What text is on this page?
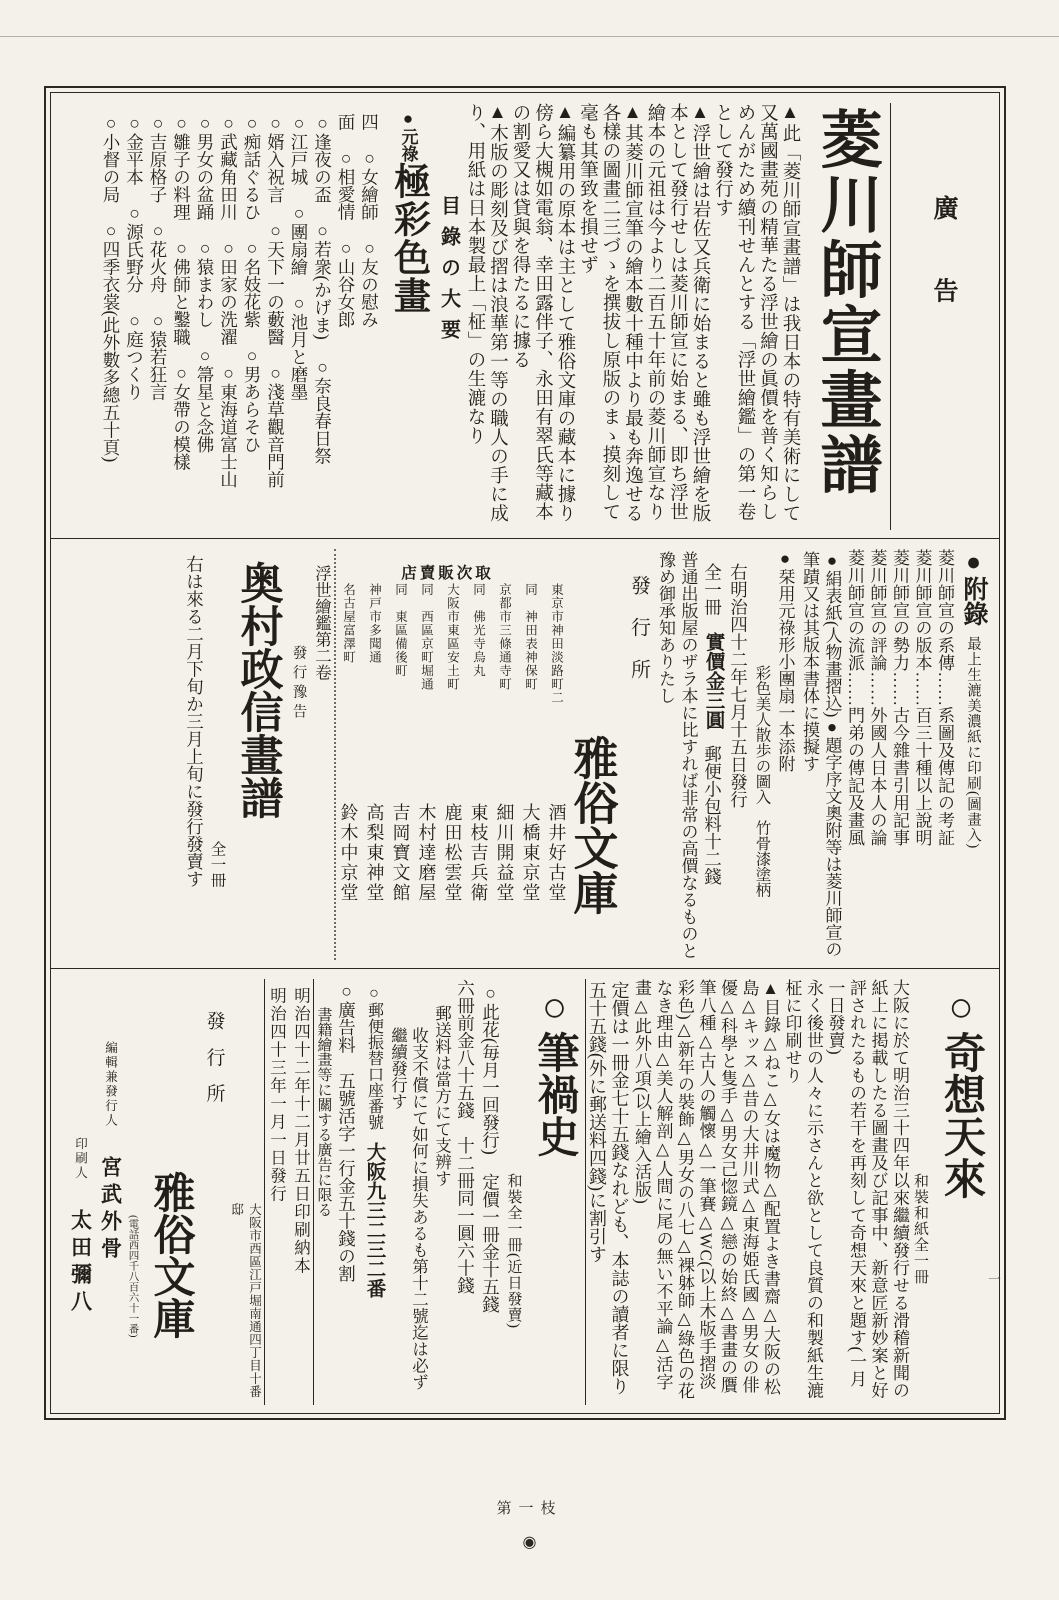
廣告
菱川師宣畫譜

▲此「菱川師宣畫譜」は我日本の特有美術にして又萬國畫苑の精華たる浮世繪の眞價を普く知らしめんがため續刊せんとする「浮世繪鑑」の第一卷として發行す

▲浮世繪は岩佐又兵衛に始まると雖も浮世繪を版本として發行せしは菱川師宣に始まる、即ち浮世繪本の元祖は今より二百五十年前の菱川師宣なり

▲其菱川師宣筆の繪本數十種中より最も奔逸せる各樣の圖畫二三づゝを撰拔し原版のまゝ摸刻して毫も其筆致を損せず

▲編纂用の原本は主として雅俗文庫の藏本に據り傍ら大槻如電翁、幸田露伴子、永田有翠氏等藏本の割愛又は貸與を得たるに據る

▲木版の彫刻及び摺は浪華第一等の職人の手に成り、用紙は日本製最上「柾」の生漉なり

目錄の大要
●元祿極彩色畫

四　○女繪師　○友の慰み

面　○相愛情　○山谷女郎

○逢夜の盃　○若衆(かげま)　○奈良春日祭

○江戸城　○團扇繪　○池月と磨墨

○婿入祝言　○天下一の藪醫　○淺草觀音門前

○痴話ぐるひ　○名妓花紫　○男あらそひ

○武藏角田川　○田家の洗濯　○東海道富士山

○男女の盆踊　○猿まわし　○箒星と念佛

○雛子の料理　○佛師と鑿職　○女帶の模樣

○吉原格子　○花火舟　○猿若狂言

○金平本　○源氏野分　○庭つくり

○小督の局　○四季衣裳(此外數多總五十頁)

●附錄最上生漉美濃紙に印刷(圖畫入)

菱川師宣の系傳……系圖及傳記の考証

菱川師宣の版本……百三十種以上說明

菱川師宣の勢力……古今雜書引用記事

菱川師宣の評論……外國人日本人の論

菱川師宣の流派……門弟の傳記及畫風

●絹表紙(人物畫摺込)●題字序文奧附等は菱川師宣の筆蹟又は其版本書体に摸擬す

●栞用元祿形小團扇一本添附
彩色美人散歩の圖入　竹骨漆塗柄

右明治四十二年七月十五日發行

全一冊實價金三圓郵便小包料十二錢

普通出版屋のザラ本に比すれば非常の高價なるものと豫め御承知ありたし

發行所

雅俗文庫
取次販賣店
東京市神田淡路町二酒井好古堂
同　神田表神保町大橋東京堂
京都市三條通寺町細川開益堂
同　佛光寺烏丸東枝吉兵衛
大阪市東區安土町鹿田松雲堂
同　西區京町堀通木村達磨屋
同　東區備後町吉岡寶文館
神戸市多聞通高梨東神堂
名古屋富澤町鈴木中京堂

浮世繪鑑第二卷
發行豫告

奥村政信畫譜

全一冊

右は來る二月下旬か三月上旬に發行發賣す

○奇想天來

和裝和紙全一冊

大阪に於て明治三十四年以來繼續發行せる滑稽新聞の紙上に掲載したる圖畫及び記事中、新意匠新妙案と好評されたるもの若干を再刻して奇想天來と題す(一月一日發賣)

永く後世の人々に示さんと欲として良質の和製紙生漉柾に印刷せり

▲目錄△ねこ△女は魔物△配置よき書齋△大阪の松島△キッス△昔の大井川式△東海姫氏國△男女の俳優△科學と隻手△男女己惚鏡△戀の始終△書畫の贋筆八種△古人の觸懷△一筆賽△WC(以上木版手摺淡彩色)△新年の裝飾△男女の八七△裸躰師△綠色の花なき理由△美人解剖△人間に尾の無い不平論△活字畫△此外八項(以上繪入活版)

定價は一冊金七十五錢なれども、本誌の讀者に限り五十五錢(外に郵送料四錢)に割引す

○筆禍史

和裝全一冊(近日發賣)

○此花(毎月一回發行)定價一冊金十五錢

六冊前金八十五錢　十二冊同一圓六十錢

郵送料は當方にて支辨す

收支不償にて如何に損失あるも第十二號迄は必ず繼續發行す

○郵便振替口座番號大阪九三二三二番

○廣告料五號活字一行金五十錢の割

書籍繪畫等に關する廣告に限る

明治四十二年十二月廿五日印刷納本

明治四十三年一月一日發行

大阪市西區江戸堀南通四丁目十番邸

發行所

雅俗文庫

(電話西四千八百六十一番)

編輯兼發行人宮武外骨

印刷人太田彌八	一
第一枝
◉
